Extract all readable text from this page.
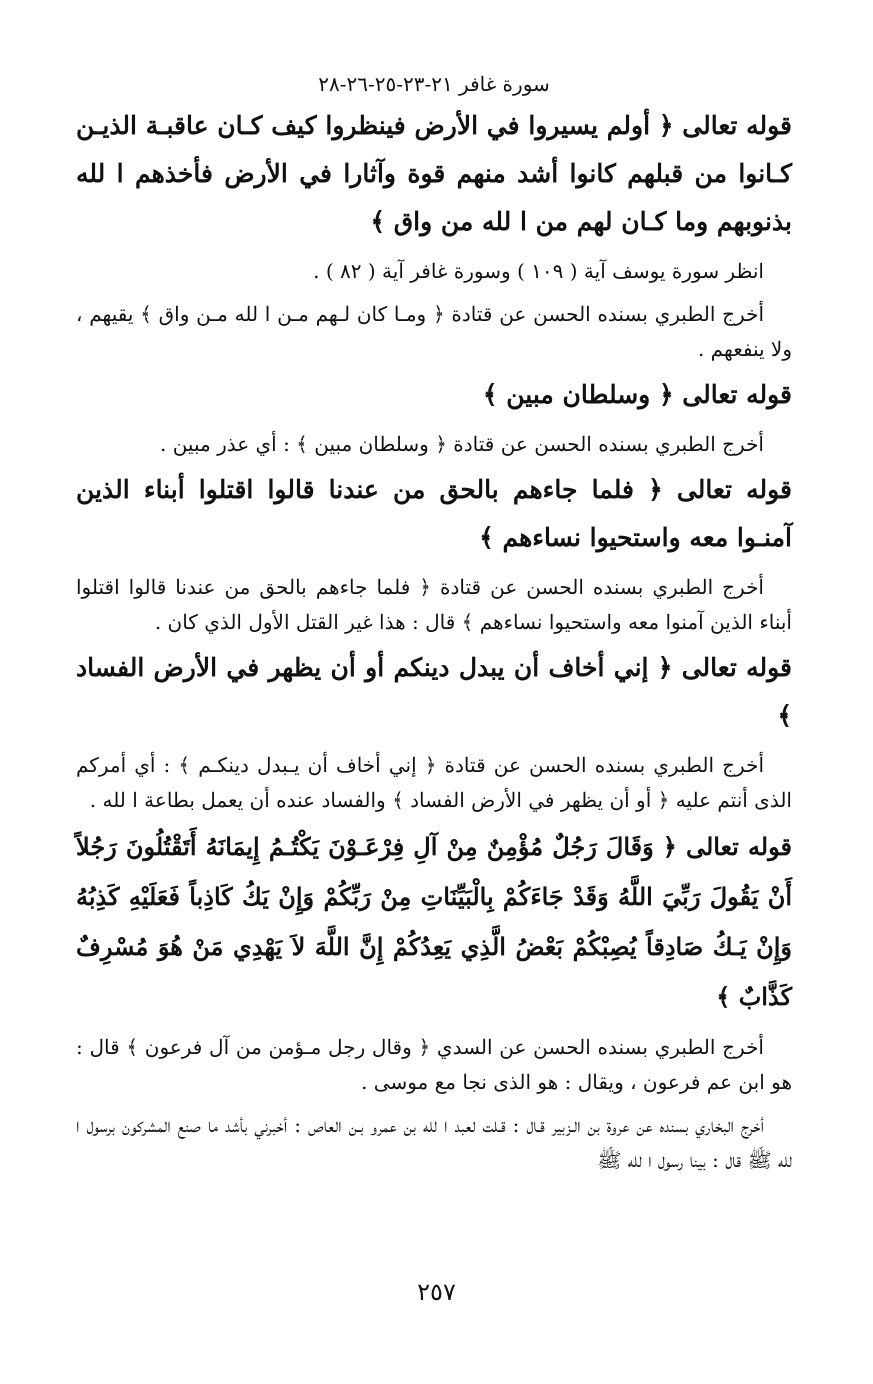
سورة غافر ٢١-٢٣-٢٥-٢٦-٢٨

قوله تعالى ﴿ أولم يسيروا في الأرض فينظروا كيف كـان عاقبـة الذيـن كـانوا من قبلهم كانوا أشد منهم قوة وآثارا في الأرض فأخذهم ا لله بذنوبهم وما كـان لهم من ا لله من واق ﴾

انظر سورة يوسف آية ( ١٠٩ ) وسورة غافر آية ( ٨٢ ) .

أخرج الطبري بسنده الحسن عن قتادة ﴿ ومـا كان لـهم مـن ا لله مـن واق ﴾ يقيهم ، ولا ينفعهم .

قوله تعالى ﴿ وسلطان مبين ﴾

أخرج الطبري بسنده الحسن عن قتادة ﴿ وسلطان مبين ﴾ : أي عذر مبين .

قوله تعالى ﴿ فلما جاءهم بالحق من عندنا قالوا اقتلوا أبناء الذين آمنـوا معه واستحيوا نساءهم ﴾

أخرج الطبري بسنده الحسن عن قتادة ﴿ فلما جاءهم بالحق من عندنا قالوا اقتلوا أبناء الذين آمنوا معه واستحيوا نساءهم ﴾ قال : هذا غير القتل الأول الذي كان .

قوله تعالى ﴿ إني أخاف أن يبدل دينكم أو أن يظهر في الأرض الفساد ﴾

أخرج الطبري بسنده الحسن عن قتادة ﴿ إني أخاف أن يـبدل دينكـم ﴾ : أي أمركم الذى أنتم عليه ﴿ أو أن يظهر في الأرض الفساد ﴾ والفساد عنده أن يعمل بطاعة ا لله .

قوله تعالى ﴿ وَقَالَ رَجُلٌ مُؤْمِنٌ مِنْ آلِ فِرْعَـوْنَ يَكْتُـمُ إِيمَانَهُ أَتَقْتُلُونَ رَجُلاً أَنْ يَقُولَ رَبِّيَ اللَّهُ وَقَدْ جَاءَكُمْ بِالْبَيِّنَاتِ مِنْ رَبِّكُمْ وَإِنْ يَكُ كَاذِباً فَعَلَيْهِ كَذِبُهُ وَإِنْ يَـكُ صَادِقاً يُصِبْكُمْ بَعْضُ الَّذِي يَعِدُكُمْ إِنَّ اللَّهَ لاَ يَهْدِي مَنْ هُوَ مُسْرِفٌ كَذَّابٌ ﴾

أخرج الطبري بسنده الحسن عن السدي ﴿ وقال رجل مـؤمن من آل فرعون ﴾ قال : هو ابن عم فرعون ، ويقال : هو الذى نجا مع موسى .

أخرج البخاري بسنده عن عروة بن الـزبير قـال : قـلت لعبد ا لله بن عمرو بـن العاص : أخبرني بأشد ما صنع المشركون برسول ا لله ﷺ قال : بينا رسول ا لله ﷺ

٢٥٧
